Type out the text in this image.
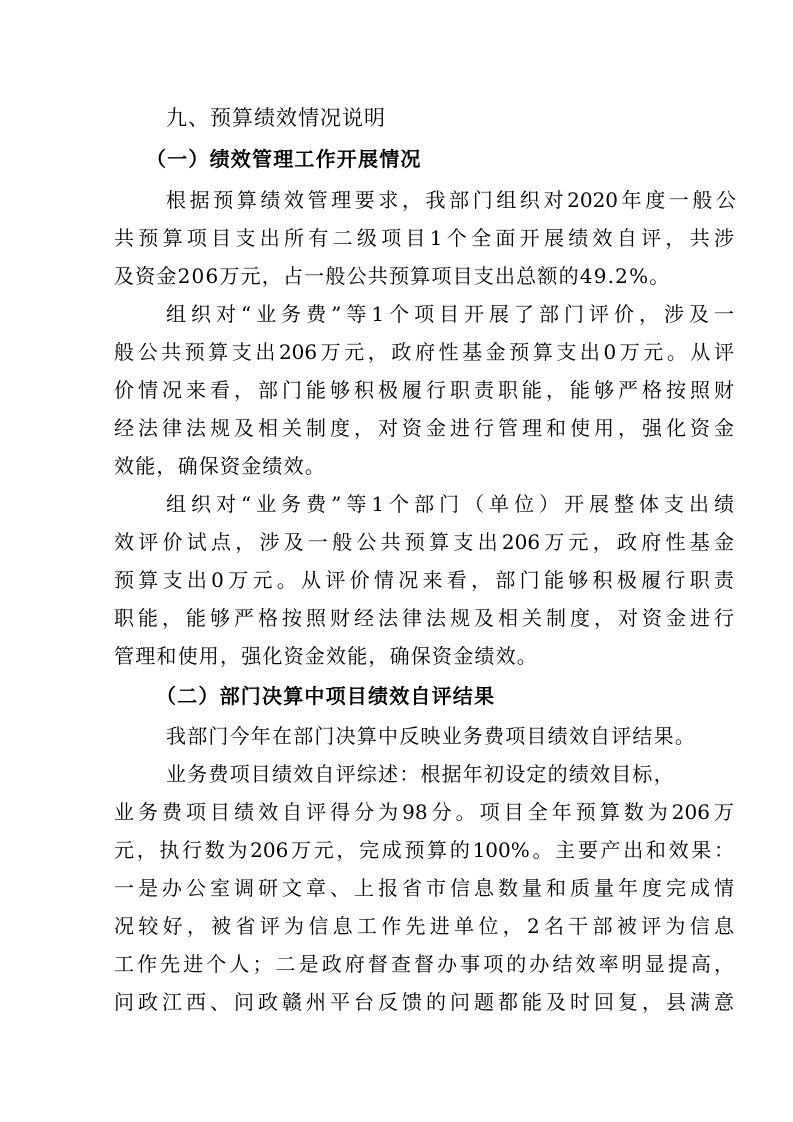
九、预算绩效情况说明
（一）绩效管理工作开展情况
根据预算绩效管理要求，我部门组织对2020年度一般公
共预算项目支出所有二级项目1个全面开展绩效自评，共涉
及资金206万元，占一般公共预算项目支出总额的49.2%。
组织对“业务费”等1个项目开展了部门评价，涉及一
般公共预算支出206万元，政府性基金预算支出0万元。从评
价情况来看，部门能够积极履行职责职能，能够严格按照财
经法律法规及相关制度，对资金进行管理和使用，强化资金
效能，确保资金绩效。
组织对“业务费”等1个部门（单位）开展整体支出绩
效评价试点，涉及一般公共预算支出206万元，政府性基金
预算支出0万元。从评价情况来看，部门能够积极履行职责
职能，能够严格按照财经法律法规及相关制度，对资金进行
管理和使用，强化资金效能，确保资金绩效。
（二）部门决算中项目绩效自评结果
我部门今年在部门决算中反映业务费项目绩效自评结果。
业务费项目绩效自评综述：根据年初设定的绩效目标，
业务费项目绩效自评得分为98分。项目全年预算数为206万
元，执行数为206万元，完成预算的100%。主要产出和效果：
一是办公室调研文章、上报省市信息数量和质量年度完成情
况较好，被省评为信息工作先进单位，2名干部被评为信息
工作先进个人；二是政府督查督办事项的办结效率明显提高，
问政江西、问政赣州平台反馈的问题都能及时回复，县满意
